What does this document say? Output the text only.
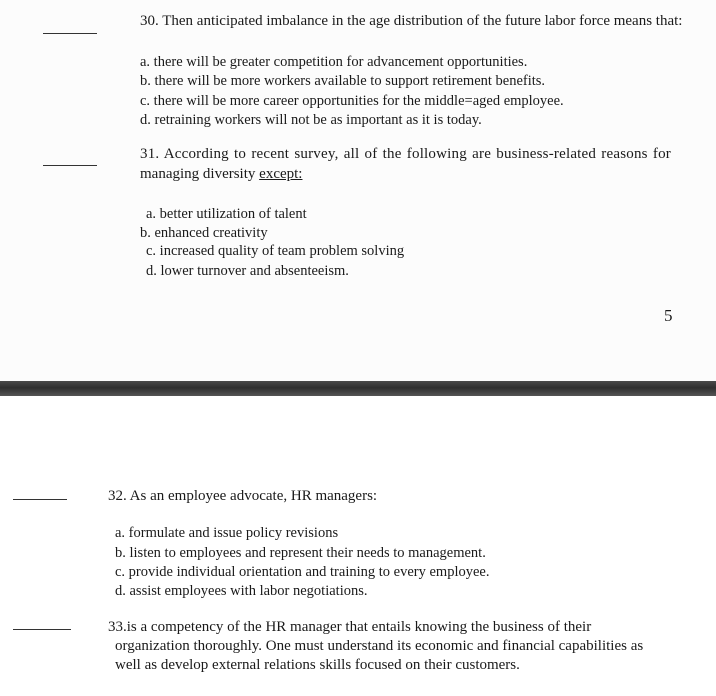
30. Then anticipated imbalance in the age distribution of the future labor force means that:
a. there will be greater competition for advancement opportunities.
b. there will be more workers available to support retirement benefits.
c. there will be more career opportunities for the middle=aged employee.
d. retraining workers will not be as important as it is today.
31. According to recent survey, all of the following are business-related reasons for
managing diversity except:
a. better utilization of talent
b. enhanced creativity
c. increased quality of team problem solving
d. lower turnover and absenteeism.
5
32. As an employee advocate, HR managers:
a. formulate and issue policy revisions
b. listen to employees and represent their needs to management.
c. provide individual orientation and training to every employee.
d. assist employees with labor negotiations.
33.is a competency of the HR manager that entails knowing the business of their
organization thoroughly. One must understand its economic and financial capabilities as
well as develop external relations skills focused on their customers.
